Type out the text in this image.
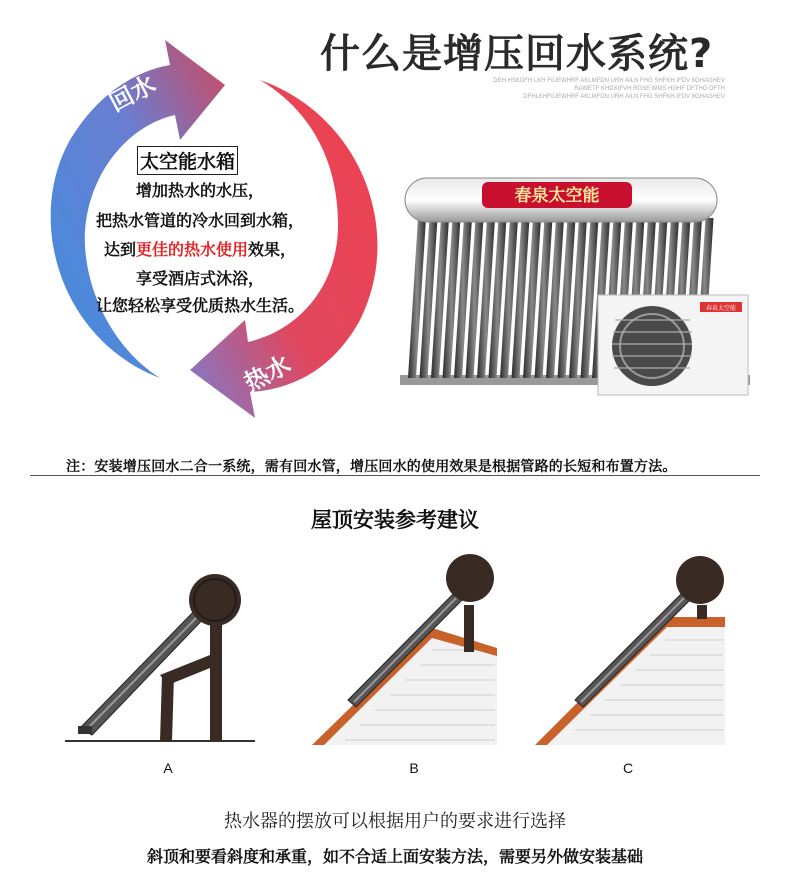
什么是增压回水系统?
DEH HSKDFH LKH FIUEWHRF AKLMFDN URH AILN FHG SHFKH.IFDV 8GHAGHEV
RAWETF KHDXIFVH RGSE WMS HGHF DFTHG DFTH
DFHLKHFIUEWHRF AKLMFDN URH AILN FHG SHFKH.IFDV 8GHAGHEV
回水
热水
太空能水箱
增加热水的水压，
把热水管道的冷水回到水箱，
达到更佳的热水使用效果，
享受酒店式沐浴，
让您轻松享受优质热水生活。
春泉太空能
春泉太空能
注：安装增压回水二合一系统，需有回水管，增压回水的使用效果是根据管路的长短和布置方法。
屋顶安装参考建议
A	B	C
热水器的摆放可以根据用户的要求进行选择
斜顶和要看斜度和承重，如不合适上面安装方法，需要另外做安装基础
